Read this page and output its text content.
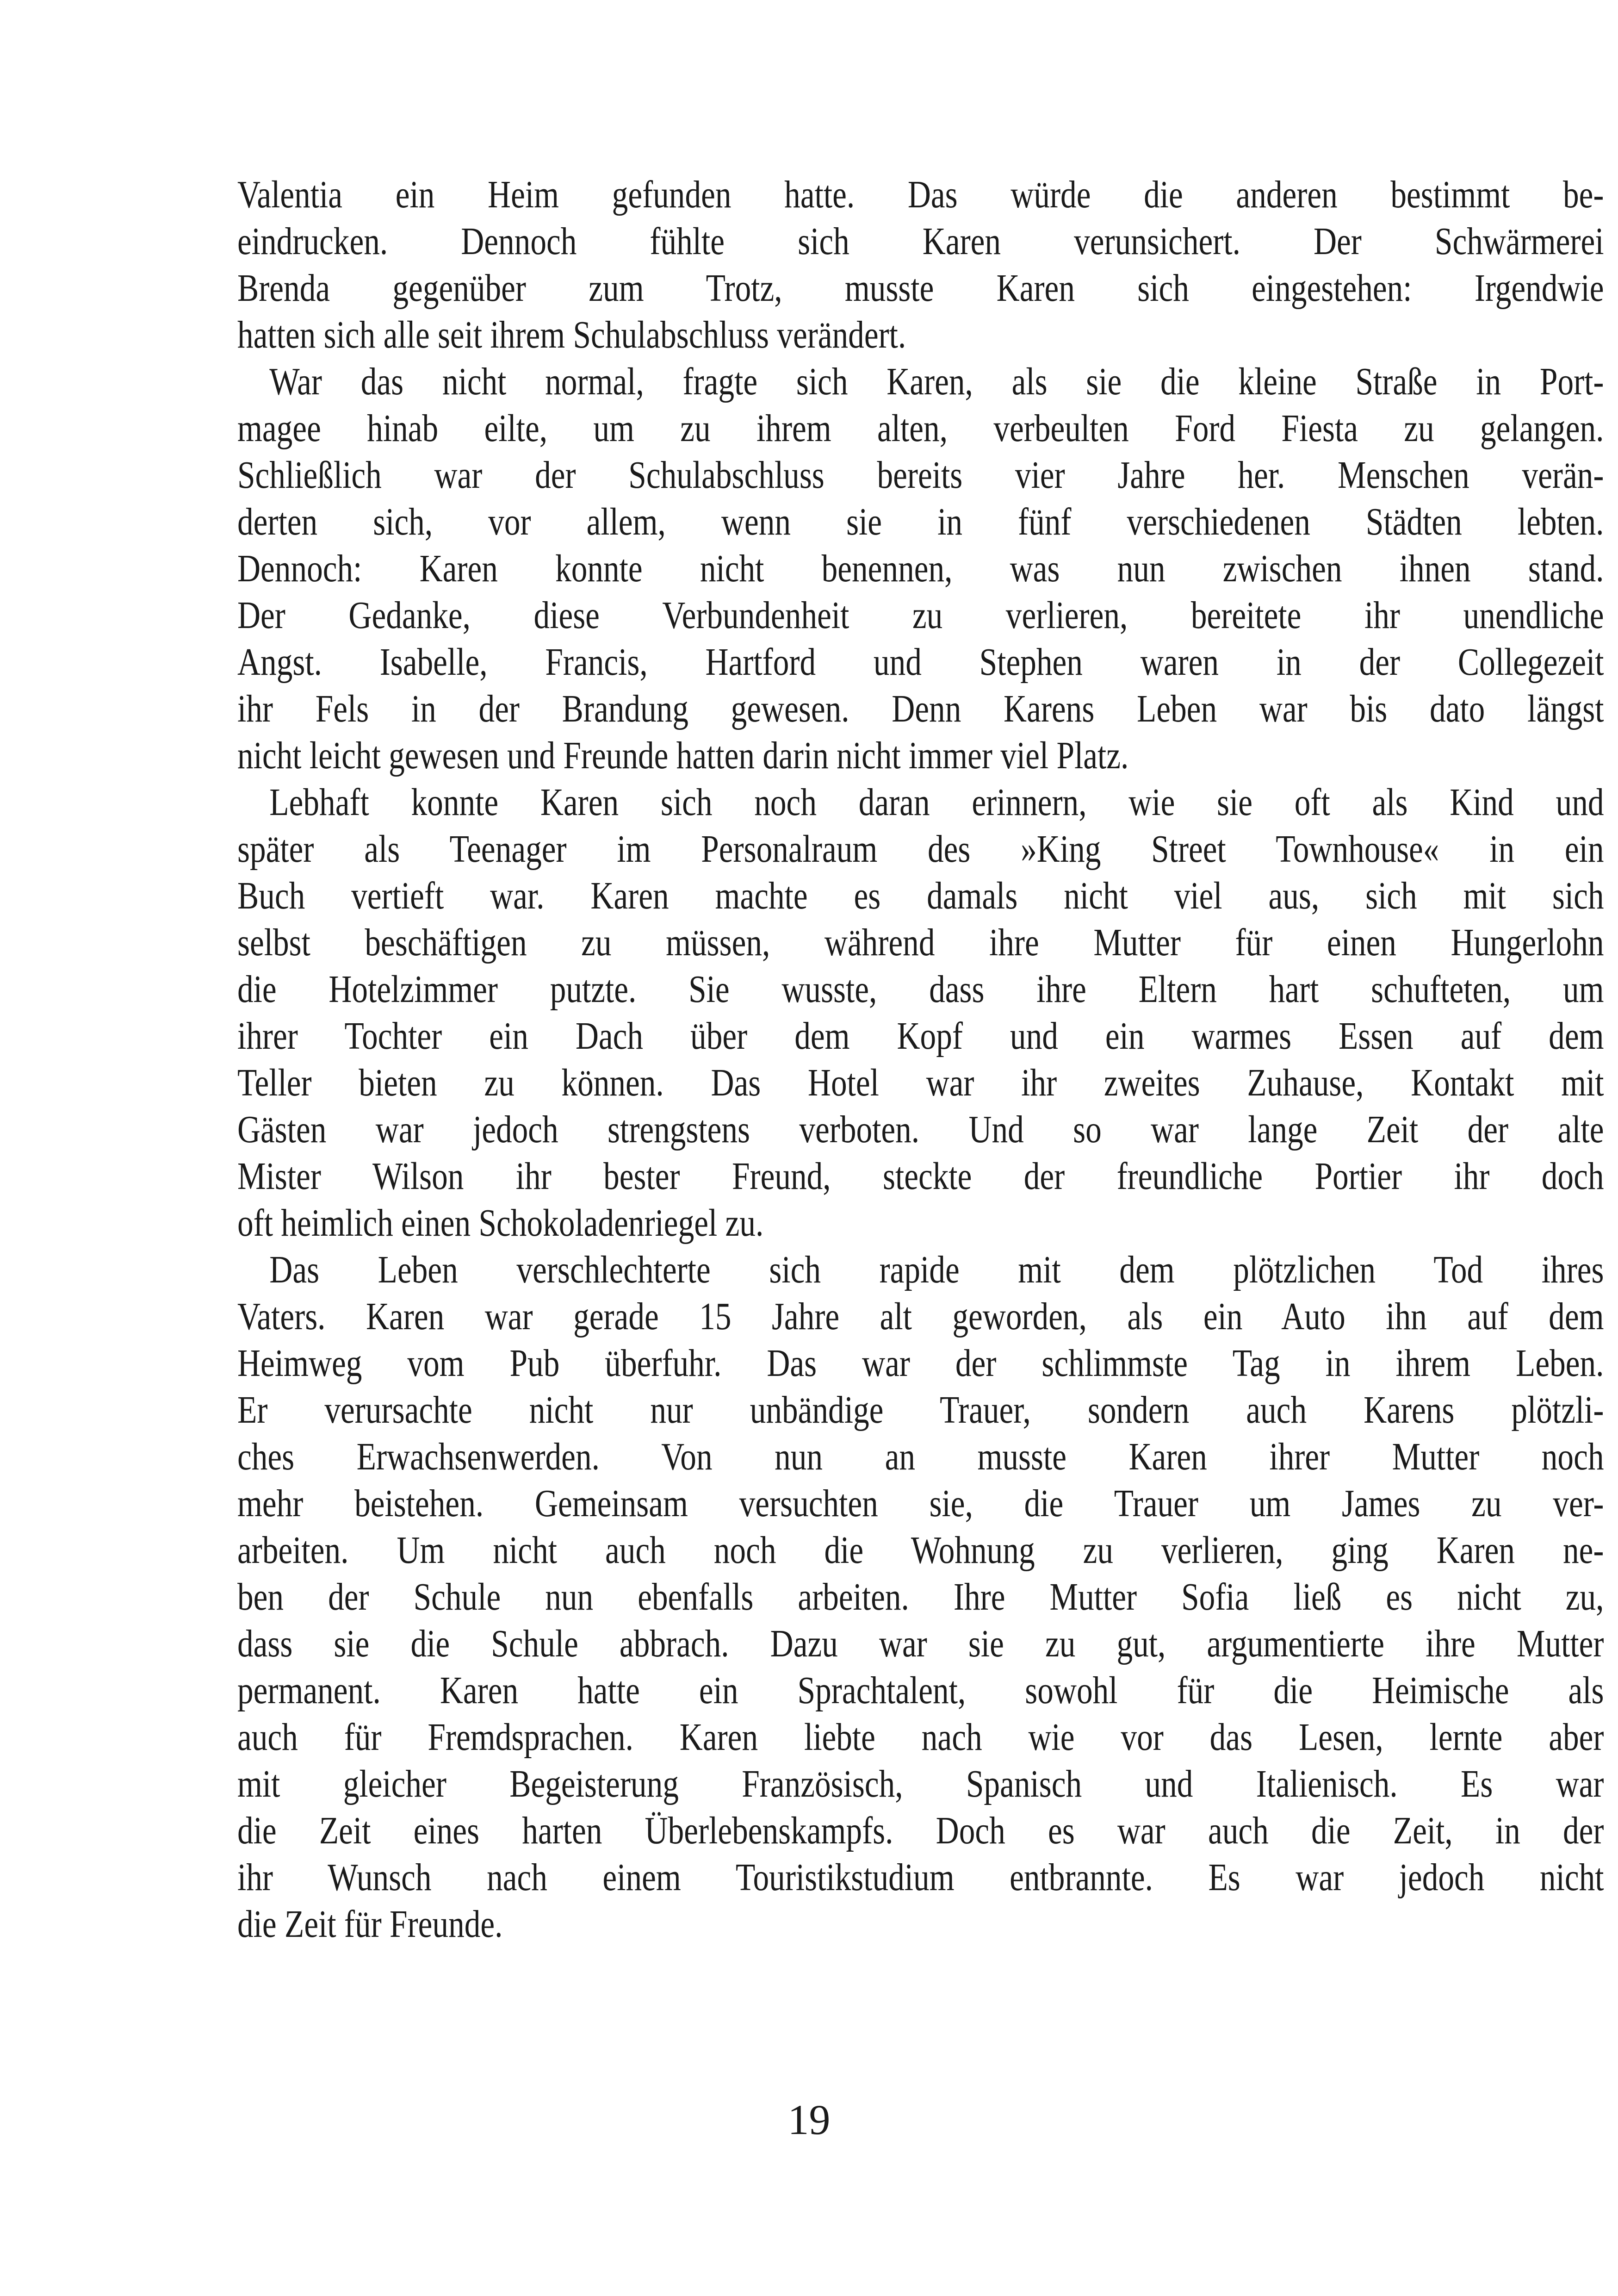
Valentia ein Heim gefunden hatte. Das würde die anderen bestimmt be-
eindrucken. Dennoch fühlte sich Karen verunsichert. Der Schwärmerei
Brenda gegenüber zum Trotz, musste Karen sich eingestehen: Irgendwie
hatten sich alle seit ihrem Schulabschluss verändert.
War das nicht normal, fragte sich Karen, als sie die kleine Straße in Port-
magee hinab eilte, um zu ihrem alten, verbeulten Ford Fiesta zu gelangen.
Schließlich war der Schulabschluss bereits vier Jahre her. Menschen verän-
derten sich, vor allem, wenn sie in fünf verschiedenen Städten lebten.
Dennoch: Karen konnte nicht benennen, was nun zwischen ihnen stand.
Der Gedanke, diese Verbundenheit zu verlieren, bereitete ihr unendliche
Angst. Isabelle, Francis, Hartford und Stephen waren in der Collegezeit
ihr Fels in der Brandung gewesen. Denn Karens Leben war bis dato längst
nicht leicht gewesen und Freunde hatten darin nicht immer viel Platz.
Lebhaft konnte Karen sich noch daran erinnern, wie sie oft als Kind und
später als Teenager im Personalraum des »King Street Townhouse« in ein
Buch vertieft war. Karen machte es damals nicht viel aus, sich mit sich
selbst beschäftigen zu müssen, während ihre Mutter für einen Hungerlohn
die Hotelzimmer putzte. Sie wusste, dass ihre Eltern hart schufteten, um
ihrer Tochter ein Dach über dem Kopf und ein warmes Essen auf dem
Teller bieten zu können. Das Hotel war ihr zweites Zuhause, Kontakt mit
Gästen war jedoch strengstens verboten. Und so war lange Zeit der alte
Mister Wilson ihr bester Freund, steckte der freundliche Portier ihr doch
oft heimlich einen Schokoladenriegel zu.
Das Leben verschlechterte sich rapide mit dem plötzlichen Tod ihres
Vaters. Karen war gerade 15 Jahre alt geworden, als ein Auto ihn auf dem
Heimweg vom Pub überfuhr. Das war der schlimmste Tag in ihrem Leben.
Er verursachte nicht nur unbändige Trauer, sondern auch Karens plötzli-
ches Erwachsenwerden. Von nun an musste Karen ihrer Mutter noch
mehr beistehen. Gemeinsam versuchten sie, die Trauer um James zu ver-
arbeiten. Um nicht auch noch die Wohnung zu verlieren, ging Karen ne-
ben der Schule nun ebenfalls arbeiten. Ihre Mutter Sofia ließ es nicht zu,
dass sie die Schule abbrach. Dazu war sie zu gut, argumentierte ihre Mutter
permanent. Karen hatte ein Sprachtalent, sowohl für die Heimische als
auch für Fremdsprachen. Karen liebte nach wie vor das Lesen, lernte aber
mit gleicher Begeisterung Französisch, Spanisch und Italienisch. Es war
die Zeit eines harten Überlebenskampfs. Doch es war auch die Zeit, in der
ihr Wunsch nach einem Touristikstudium entbrannte. Es war jedoch nicht
die Zeit für Freunde.
19
